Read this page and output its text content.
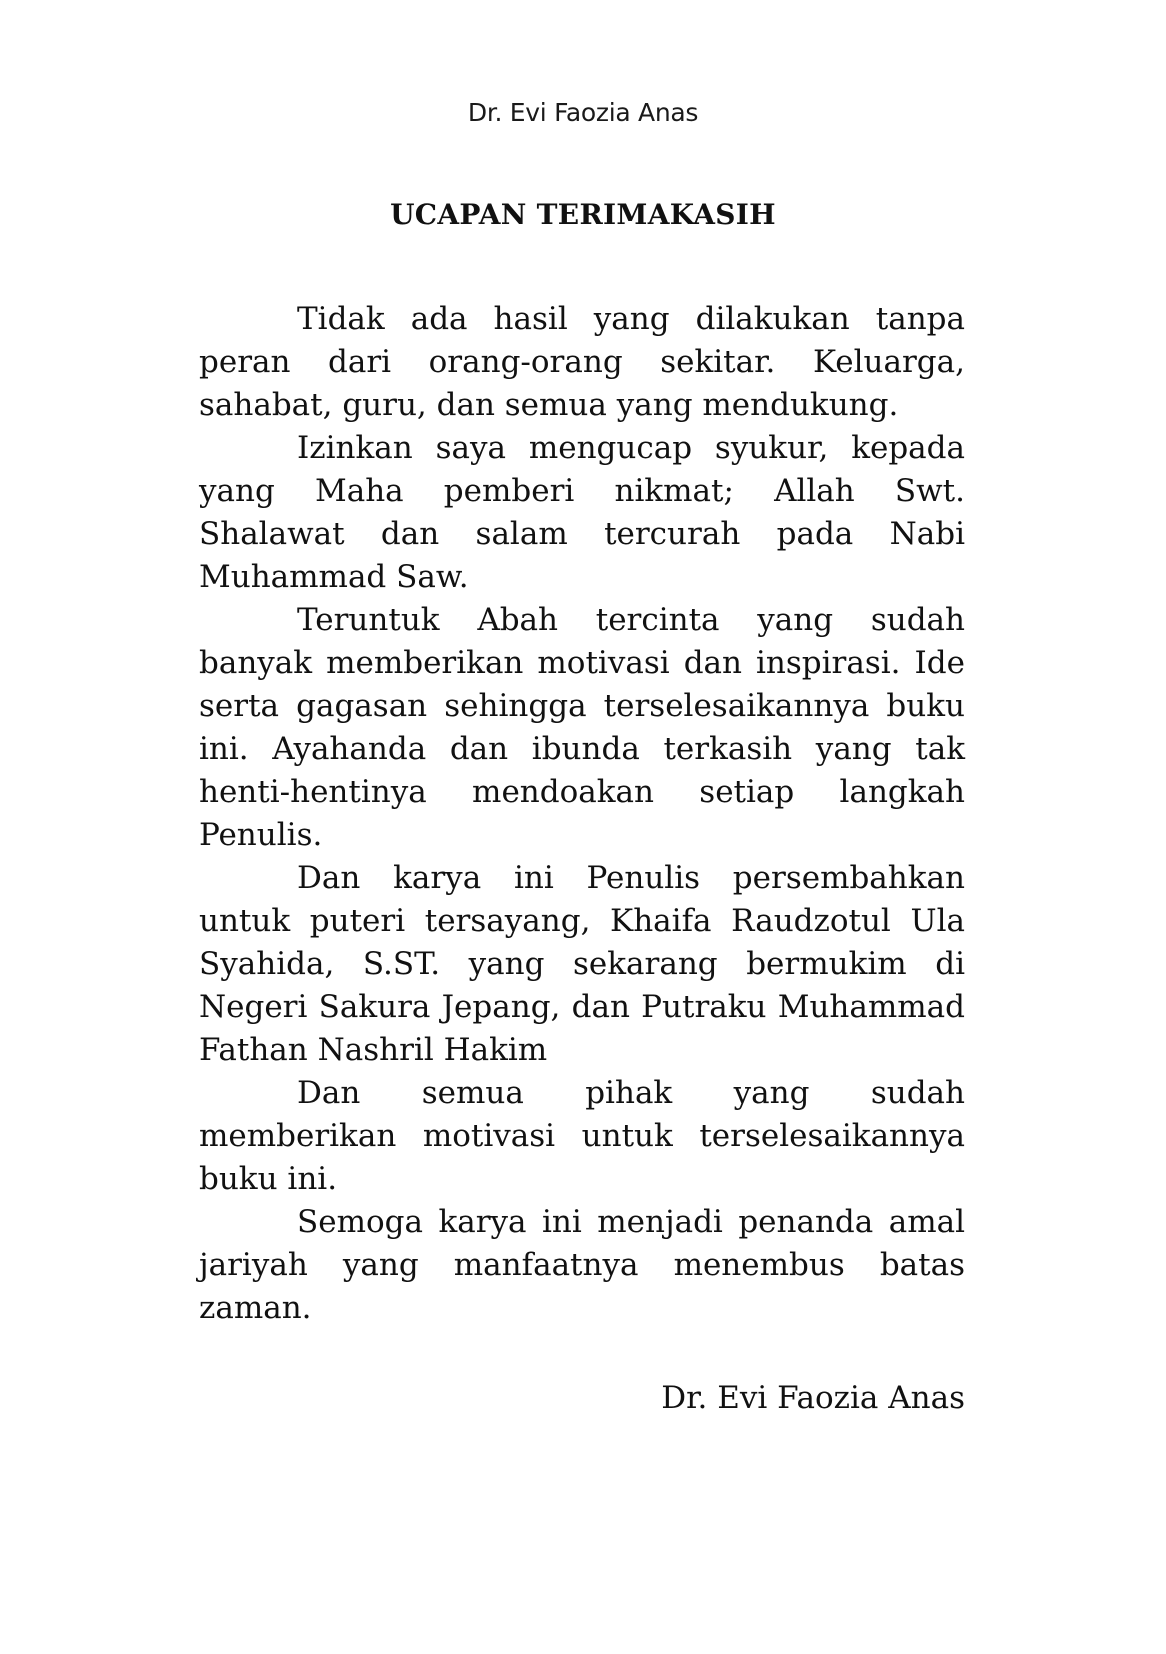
Dr. Evi Faozia Anas
UCAPAN TERIMAKASIH

Tidak ada hasil yang dilakukan tanpa peran dari orang-orang sekitar. Keluarga, sahabat, guru, dan semua yang mendukung.

Izinkan saya mengucap syukur, kepada yang Maha pemberi nikmat; Allah Swt. Shalawat dan salam tercurah pada Nabi Muhammad Saw.

Teruntuk Abah tercinta yang sudah banyak memberikan motivasi dan inspirasi. Ide serta gagasan sehingga terselesaikannya buku ini. Ayahanda dan ibunda terkasih yang tak henti-hentinya mendoakan setiap langkah Penulis.

Dan karya ini Penulis persembahkan untuk puteri tersayang, Khaifa Raudzotul Ula Syahida, S.ST. yang sekarang bermukim di Negeri Sakura Jepang, dan Putraku Muhammad Fathan Nashril Hakim

Dan semua pihak yang sudah memberikan motivasi untuk terselesaikannya buku ini.

Semoga karya ini menjadi penanda amal jariyah yang manfaatnya menembus batas zaman.

Dr. Evi Faozia Anas
